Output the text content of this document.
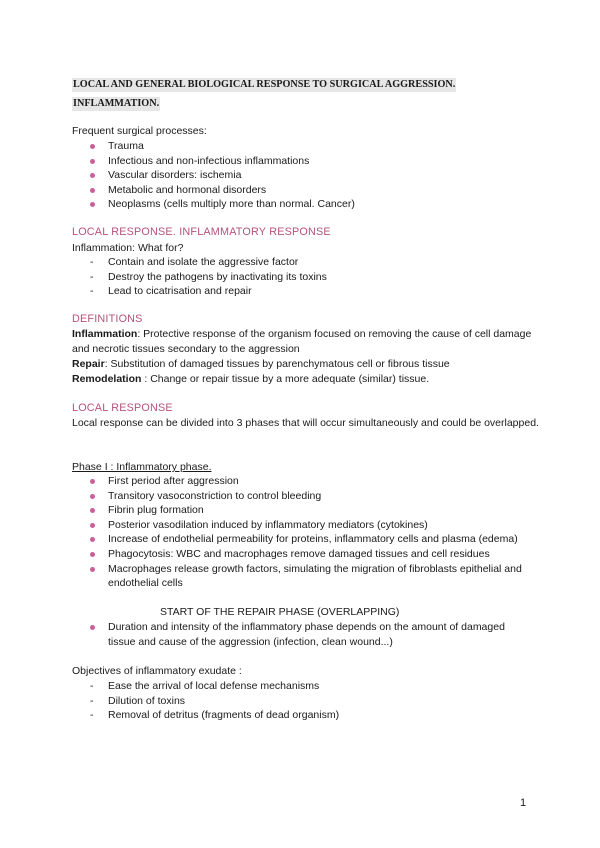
LOCAL AND GENERAL BIOLOGICAL RESPONSE TO SURGICAL AGGRESSION.
INFLAMMATION.
Frequent surgical processes:
Trauma
Infectious and non-infectious inflammations
Vascular disorders: ischemia
Metabolic and hormonal disorders
Neoplasms (cells multiply more than normal. Cancer)
LOCAL RESPONSE. INFLAMMATORY RESPONSE
Inflammation: What for?
- Contain and isolate the aggressive factor
- Destroy the pathogens by inactivating its toxins
- Lead to cicatrisation and repair
DEFINITIONS
Inflammation: Protective response of the organism focused on removing the cause of cell damage and necrotic tissues secondary to the aggression
Repair: Substitution of damaged tissues by parenchymatous cell or fibrous tissue
Remodelation : Change or repair tissue by a more adequate (similar) tissue.
LOCAL RESPONSE
Local response can be divided into 3 phases that will occur simultaneously and could be overlapped.
Phase I : Inflammatory phase.
First period after aggression
Transitory vasoconstriction to control bleeding
Fibrin plug formation
Posterior vasodilation induced by inflammatory mediators (cytokines)
Increase of endothelial permeability for proteins, inflammatory cells and plasma (edema)
Phagocytosis: WBC and macrophages remove damaged tissues and cell residues
Macrophages release growth factors, simulating the migration of fibroblasts epithelial and endothelial cells
START OF THE REPAIR PHASE (OVERLAPPING)
Duration and intensity of the inflammatory phase depends on the amount of damaged tissue and cause of the aggression (infection, clean wound...)
Objectives of inflammatory exudate :
- Ease the arrival of local defense mechanisms
- Dilution of toxins
- Removal of detritus (fragments of dead organism)
1
